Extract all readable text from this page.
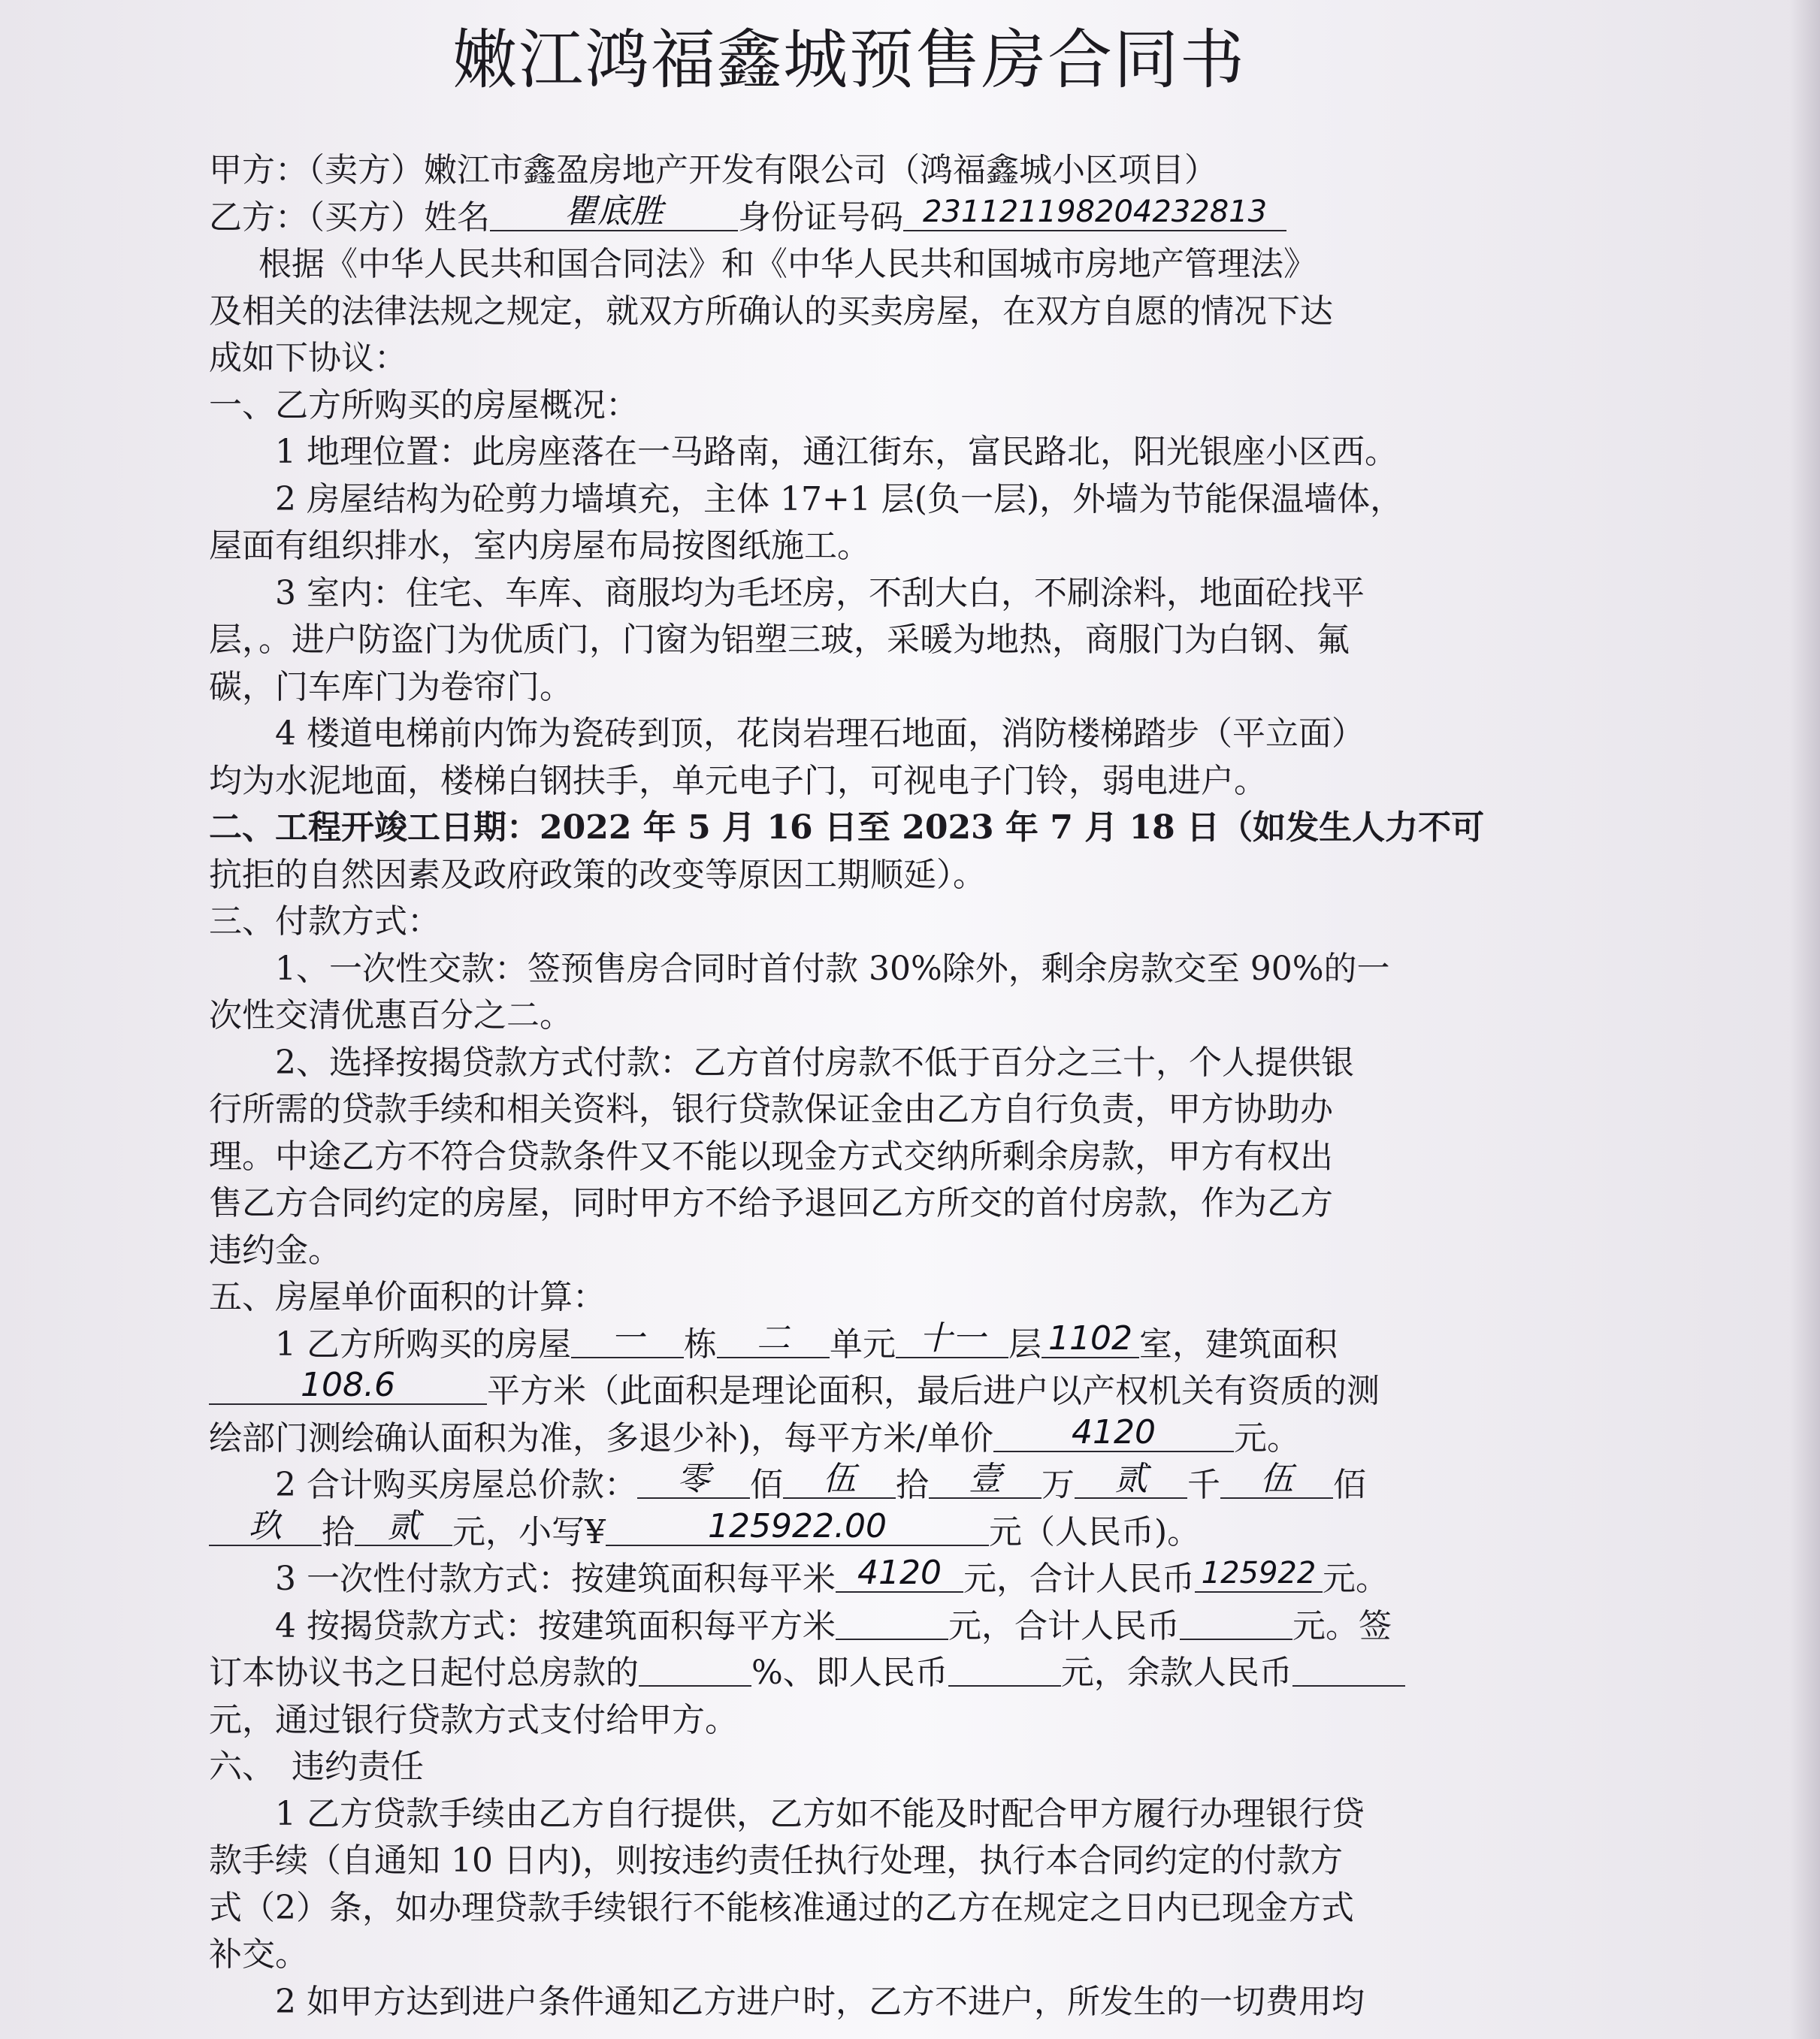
嫩江鸿福鑫城预售房合同书
甲方：（卖方）嫩江市鑫盈房地产开发有限公司（鸿福鑫城小区项目）
乙方：（买方）姓名	瞿底胜	身份证号码 231121198204232813
根据《中华人民共和国合同法》和《中华人民共和国城市房地产管理法》
及相关的法律法规之规定，就双方所确认的买卖房屋，在双方自愿的情况下达
成如下协议：
一、乙方所购买的房屋概况：
1 地理位置：此房座落在一马路南，通江街东，富民路北，阳光银座小区西。
2 房屋结构为砼剪力墙填充，主体 17+1 层(负一层)，外墙为节能保温墙体，
屋面有组织排水，室内房屋布局按图纸施工。
3 室内：住宅、车库、商服均为毛坯房，不刮大白，不刷涂料，地面砼找平
层，。进户防盗门为优质门，门窗为铝塑三玻，采暖为地热，商服门为白钢、氟
碳，门车库门为卷帘门。
4 楼道电梯前内饰为瓷砖到顶，花岗岩理石地面，消防楼梯踏步（平立面）
均为水泥地面，楼梯白钢扶手，单元电子门，可视电子门铃，弱电进户。
二、工程开竣工日期：2022 年 5 月 16 日至 2023 年 7 月 18 日（如发生人力不可
抗拒的自然因素及政府政策的改变等原因工期顺延）。
三、付款方式：
1、一次性交款：签预售房合同时首付款 30%除外，剩余房款交至 90%的一
次性交清优惠百分之二。
2、选择按揭贷款方式付款：乙方首付房款不低于百分之三十，个人提供银
行所需的贷款手续和相关资料，银行贷款保证金由乙方自行负责，甲方协助办
理。中途乙方不符合贷款条件又不能以现金方式交纳所剩余房款，甲方有权出
售乙方合同约定的房屋，同时甲方不给予退回乙方所交的首付房款，作为乙方
违约金。
五、房屋单价面积的计算：
1 乙方所购买的房屋	一	栋	二	单元 十一 层 1102 室，建筑面积
108.6	平方米（此面积是理论面积，最后进户以产权机关有资质的测
绘部门测绘确认面积为准，多退少补)，每平方米/单价	4120	元。
2 合计购买房屋总价款：	零	佰	伍	拾	壹	万	贰	千	伍	佰
玖	拾 贰 元，小写¥	125922.00	元（人民币)。
3 一次性付款方式：按建筑面积每平米 4120 元，合计人民币 125922 元。
4 按揭贷款方式：按建筑面积每平方米	元，合计人民币	元。签
订本协议书之日起付总房款的	%、即人民币	元，余款人民币
元，通过银行贷款方式支付给甲方。
六、　违约责任
1 乙方贷款手续由乙方自行提供，乙方如不能及时配合甲方履行办理银行贷
款手续（自通知 10 日内)，则按违约责任执行处理，执行本合同约定的付款方
式（2）条，如办理贷款手续银行不能核准通过的乙方在规定之日内已现金方式
补交。
2 如甲方达到进户条件通知乙方进户时，乙方不进户，所发生的一切费用均
